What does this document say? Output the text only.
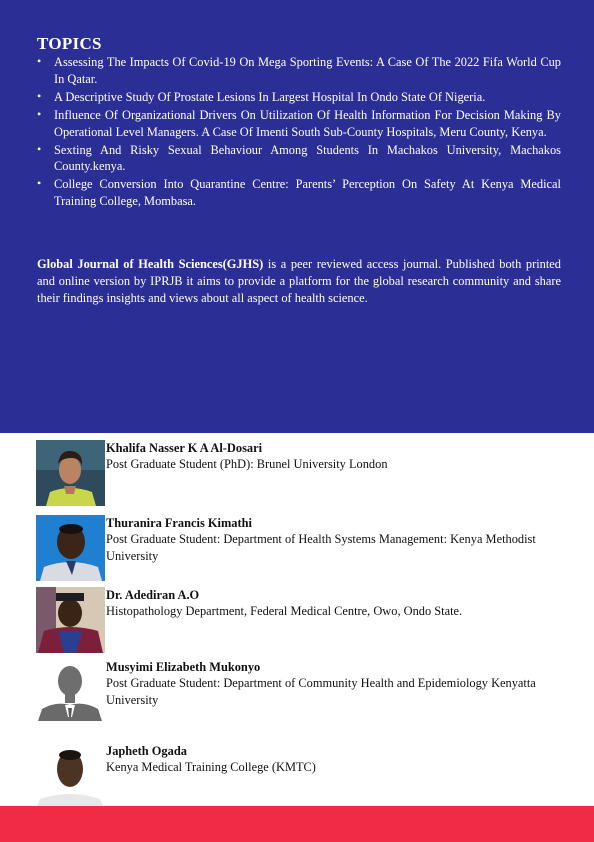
TOPICS
• Assessing The Impacts Of Covid-19 On Mega Sporting Events: A Case Of The 2022 Fifa World Cup In Qatar.
• A Descriptive Study Of Prostate Lesions In Largest Hospital In Ondo State Of Nigeria.
• Influence Of Organizational Drivers On Utilization Of Health Information For Decision Making By Operational Level Managers. A Case Of Imenti South Sub-County Hospitals, Meru County, Kenya.
• Sexting And Risky Sexual Behaviour Among Students In Machakos University, Machakos County.kenya.
• College Conversion Into Quarantine Centre: Parents’ Perception On Safety At Kenya Medical Training College, Mombasa.
Global Journal of Health Sciences(GJHS) is a peer reviewed access journal. Published both printed and online version by IPRJB it aims to provide a platform for the global research community and share their findings insights and views about all aspect of health science.
Khalifa Nasser K A Al-Dosari
Post Graduate Student (PhD): Brunel University London
Thuranira Francis Kimathi
Post Graduate Student: Department of Health Systems Management: Kenya Methodist University
Dr. Adediran A.O
Histopathology Department, Federal Medical Centre, Owo, Ondo State.
Musyimi Elizabeth Mukonyo
Post Graduate Student: Department of Community Health and Epidemiology Kenyatta University
Japheth Ogada
Kenya Medical Training College (KMTC)
